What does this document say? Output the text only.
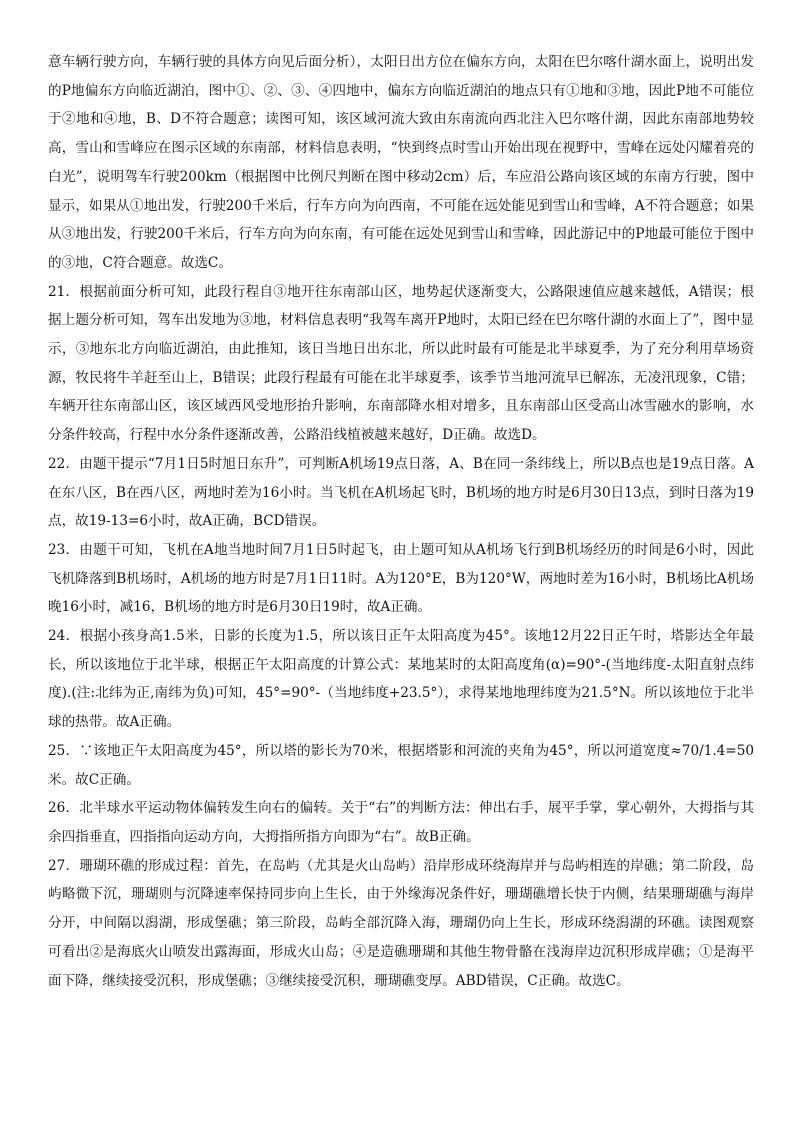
意车辆行驶方向，车辆行驶的具体方向见后面分析），太阳日出方位在偏东方向，太阳在巴尔喀什湖水面上，说明出发的P地偏东方向临近湖泊，图中①、②、③、④四地中，偏东方向临近湖泊的地点只有①地和③地，因此P地不可能位于②地和④地，B、D不符合题意；读图可知，该区域河流大致由东南流向西北注入巴尔喀什湖，因此东南部地势较高，雪山和雪峰应在图示区域的东南部，材料信息表明，“快到终点时雪山开始出现在视野中，雪峰在远处闪耀着亮的白光”，说明驾车行驶200km（根据图中比例尺判断在图中移动2cm）后，车应沿公路向该区域的东南方行驶，图中显示，如果从①地出发，行驶200千米后，行车方向为向西南，不可能在远处能见到雪山和雪峰，A不符合题意；如果从③地出发，行驶200千米后，行车方向为向东南，有可能在远处见到雪山和雪峰，因此游记中的P地最可能位于图中的③地，C符合题意。故选C。

21．根据前面分析可知，此段行程自③地开往东南部山区，地势起伏逐渐变大，公路限速值应越来越低，A错误；根据上题分析可知，驾车出发地为③地，材料信息表明“我驾车离开P地时，太阳已经在巴尔喀什湖的水面上了”，图中显示，③地东北方向临近湖泊，由此推知，该日当地日出东北，所以此时最有可能是北半球夏季，为了充分利用草场资源，牧民将牛羊赶至山上，B错误；此段行程最有可能在北半球夏季，该季节当地河流早已解冻，无凌汛现象，C错；车辆开往东南部山区，该区域西风受地形抬升影响，东南部降水相对增多，且东南部山区受高山冰雪融水的影响，水分条件较高，行程中水分条件逐渐改善，公路沿线植被越来越好，D正确。故选D。

22．由题干提示“7月1日5时旭日东升”，可判断A机场19点日落，A、B在同一条纬线上，所以B点也是19点日落。A在东八区，B在西八区，两地时差为16小时。当飞机在A机场起飞时，B机场的地方时是6月30日13点，到时日落为19点，故19-13=6小时，故A正确，BCD错误。

23．由题干可知，飞机在A地当地时间7月1日5时起飞，由上题可知从A机场飞行到B机场经历的时间是6小时，因此飞机降落到B机场时，A机场的地方时是7月1日11时。A为120°E，B为120°W，两地时差为16小时，B机场比A机场晚16小时，减16，B机场的地方时是6月30日19时，故A正确。

24．根据小孩身高1.5米，日影的长度为1.5，所以该日正午太阳高度为45°。该地12月22日正午时，塔影达全年最长，所以该地位于北半球，根据正午太阳高度的计算公式：某地某时的太阳高度角(α)=90°-(当地纬度-太阳直射点纬度).(注:北纬为正,南纬为负)可知，45°=90°-（当地纬度+23.5°），求得某地地理纬度为21.5°N。所以该地位于北半球的热带。故A正确。

25．∵该地正午太阳高度为45°，所以塔的影长为70米，根据塔影和河流的夹角为45°，所以河道宽度≈70/1.4=50米。故C正确。

26．北半球水平运动物体偏转发生向右的偏转。关于“右”的判断方法：伸出右手，展平手掌，掌心朝外，大拇指与其余四指垂直，四指指向运动方向，大拇指所指方向即为“右”。故B正确。

27．珊瑚环礁的形成过程：首先，在岛屿（尤其是火山岛屿）沿岸形成环绕海岸并与岛屿相连的岸礁；第二阶段，岛屿略微下沉，珊瑚则与沉降速率保持同步向上生长，由于外缘海况条件好，珊瑚礁增长快于内侧，结果珊瑚礁与海岸分开，中间隔以潟湖，形成堡礁；第三阶段，岛屿全部沉降入海，珊瑚仍向上生长，形成环绕潟湖的环礁。读图观察可看出②是海底火山喷发出露海面，形成火山岛；④是造礁珊瑚和其他生物骨骼在浅海岸边沉积形成岸礁；①是海平面下降，继续接受沉积，形成堡礁；③继续接受沉积，珊瑚礁变厚。ABD错误，C正确。故选C。
